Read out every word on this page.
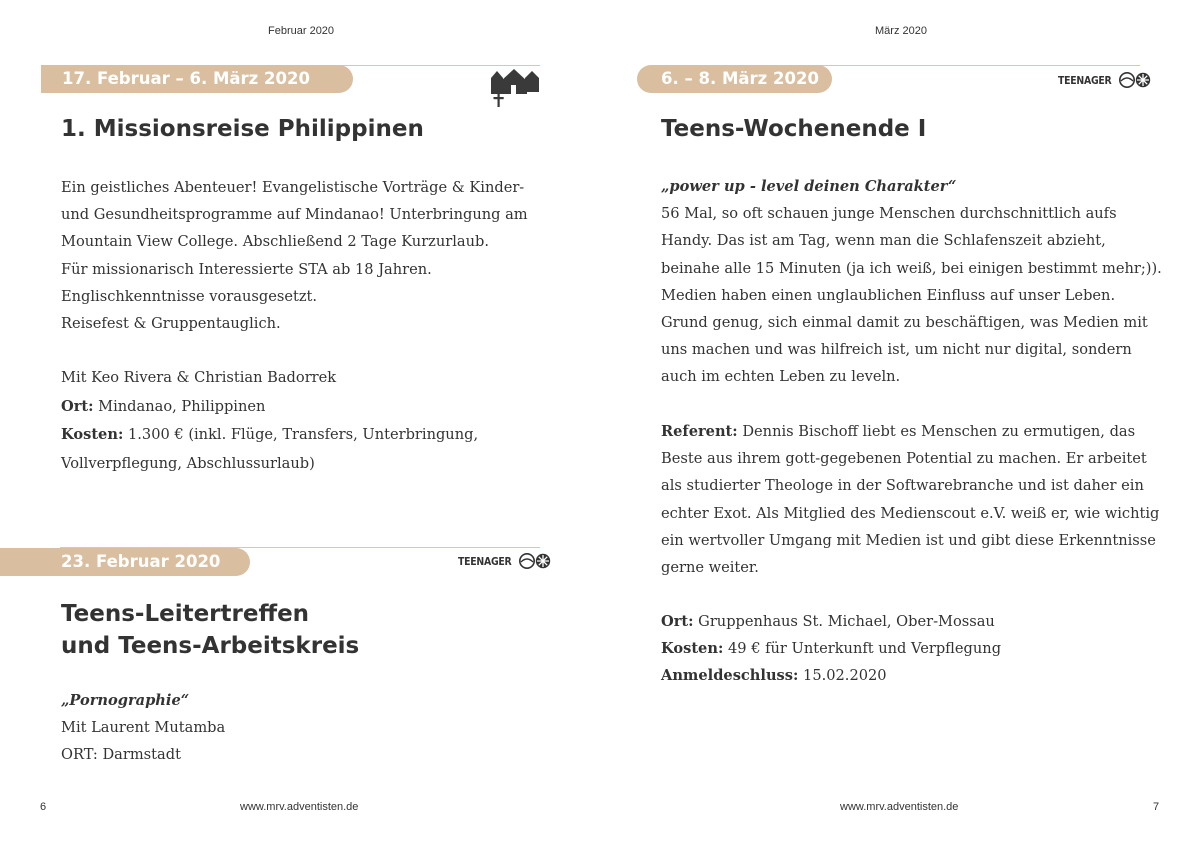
Februar 2020
17. Februar – 6. März 2020
1. Missionsreise Philippinen
Ein geistliches Abenteuer! Evangelistische Vorträge & Kinder-
und Gesundheitsprogramme auf Mindanao! Unterbringung am
Mountain View College. Abschließend 2 Tage Kurzurlaub.
Für missionarisch Interessierte STA ab 18 Jahren.
Englischkenntnisse vorausgesetzt.
Reisefest & Gruppentauglich.
Mit Keo Rivera & Christian Badorrek
Ort: Mindanao, Philippinen
Kosten: 1.300 € (inkl. Flüge, Transfers, Unterbringung,
Vollverpflegung, Abschlussurlaub)
23. Februar 2020	TEENAGER
Teens-Leitertreffen
und Teens-Arbeitskreis
„Pornographie“
Mit Laurent Mutamba
ORT: Darmstadt
6	www.mrv.adventisten.de
März 2020
6. – 8. März 2020	TEENAGER
Teens-Wochenende I
„power up - level deinen Charakter“
56 Mal, so oft schauen junge Menschen durchschnittlich aufs
Handy. Das ist am Tag, wenn man die Schlafenszeit abzieht,
beinahe alle 15 Minuten (ja ich weiß, bei einigen bestimmt mehr;)).
Medien haben einen unglaublichen Einfluss auf unser Leben.
Grund genug, sich einmal damit zu beschäftigen, was Medien mit
uns machen und was hilfreich ist, um nicht nur digital, sondern
auch im echten Leben zu leveln.
Referent: Dennis Bischoff liebt es Menschen zu ermutigen, das
Beste aus ihrem gott-gegebenen Potential zu machen. Er arbeitet
als studierter Theologe in der Softwarebranche und ist daher ein
echter Exot. Als Mitglied des Medienscout e.V. weiß er, wie wichtig
ein wertvoller Umgang mit Medien ist und gibt diese Erkenntnisse
gerne weiter.
Ort: Gruppenhaus St. Michael, Ober-Mossau
Kosten: 49 € für Unterkunft und Verpflegung
Anmeldeschluss: 15.02.2020
www.mrv.adventisten.de	7
